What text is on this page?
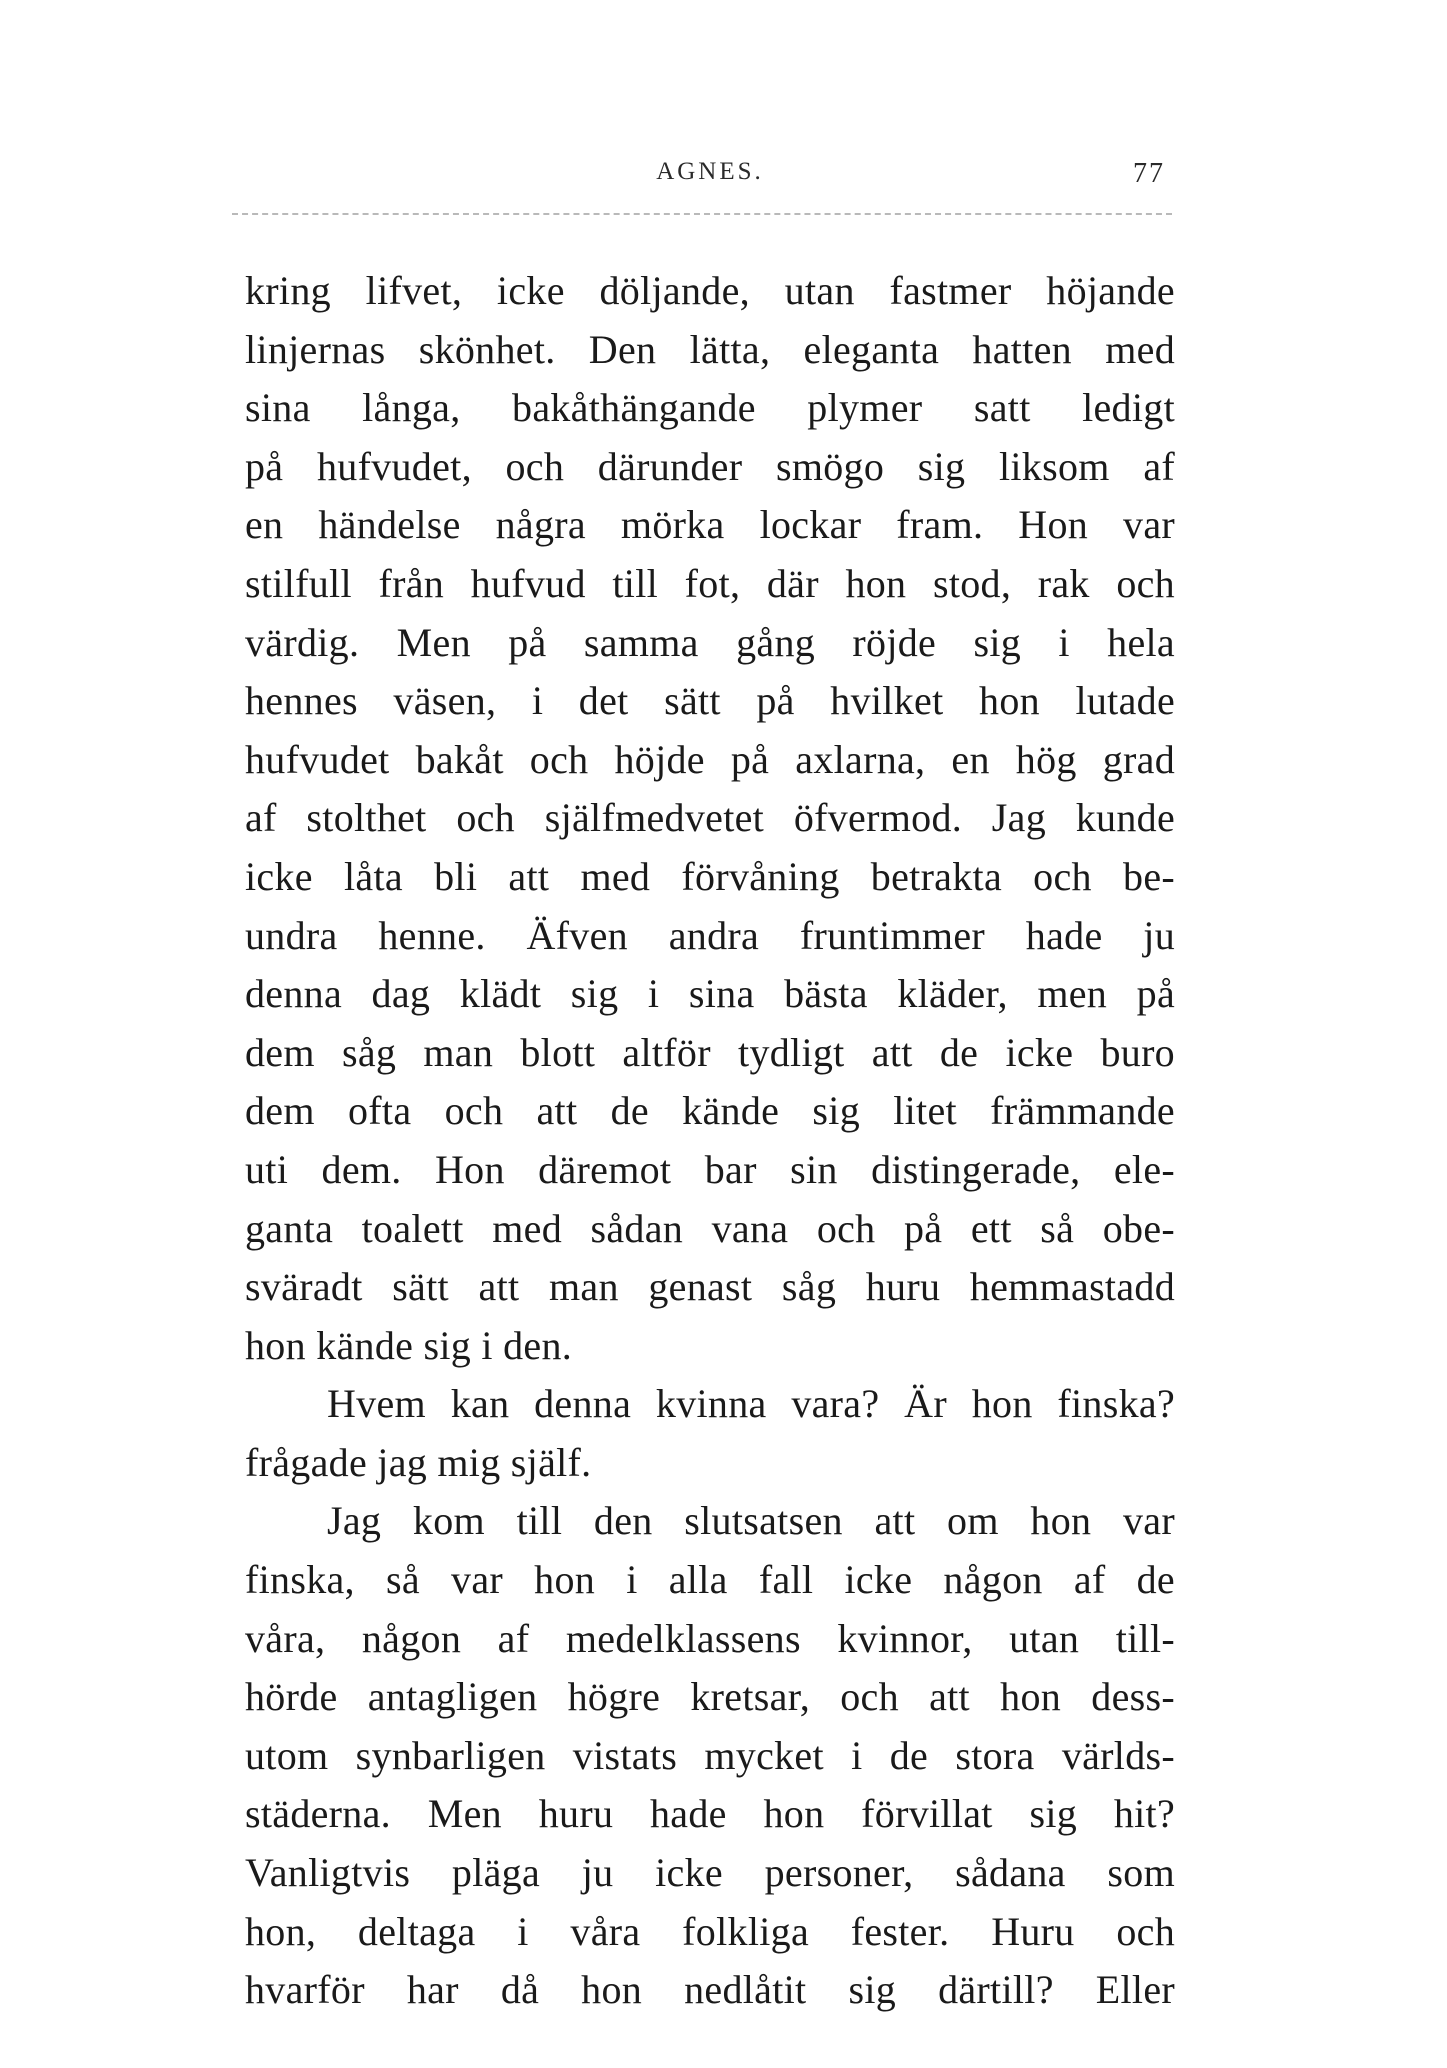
AGNES.	77
kring lifvet, icke döljande, utan fastmer höjande
linjernas skönhet. Den lätta, eleganta hatten med
sina långa, bakåthängande plymer satt ledigt
på hufvudet, och därunder smögo sig liksom af
en händelse några mörka lockar fram. Hon var
stilfull från hufvud till fot, där hon stod, rak och
värdig. Men på samma gång röjde sig i hela
hennes väsen, i det sätt på hvilket hon lutade
hufvudet bakåt och höjde på axlarna, en hög grad
af stolthet och själfmedvetet öfvermod. Jag kunde
icke låta bli att med förvåning betrakta och be-
undra henne. Äfven andra fruntimmer hade ju
denna dag klädt sig i sina bästa kläder, men på
dem såg man blott altför tydligt att de icke buro
dem ofta och att de kände sig litet främmande
uti dem. Hon däremot bar sin distingerade, ele-
ganta toalett med sådan vana och på ett så obe-
sväradt sätt att man genast såg huru hemmastadd
hon kände sig i den.
Hvem kan denna kvinna vara? Är hon finska?
frågade jag mig själf.
Jag kom till den slutsatsen att om hon var
finska, så var hon i alla fall icke någon af de
våra, någon af medelklassens kvinnor, utan till-
hörde antagligen högre kretsar, och att hon dess-
utom synbarligen vistats mycket i de stora världs-
städerna. Men huru hade hon förvillat sig hit?
Vanligtvis pläga ju icke personer, sådana som
hon, deltaga i våra folkliga fester. Huru och
hvarför har då hon nedlåtit sig därtill? Eller
